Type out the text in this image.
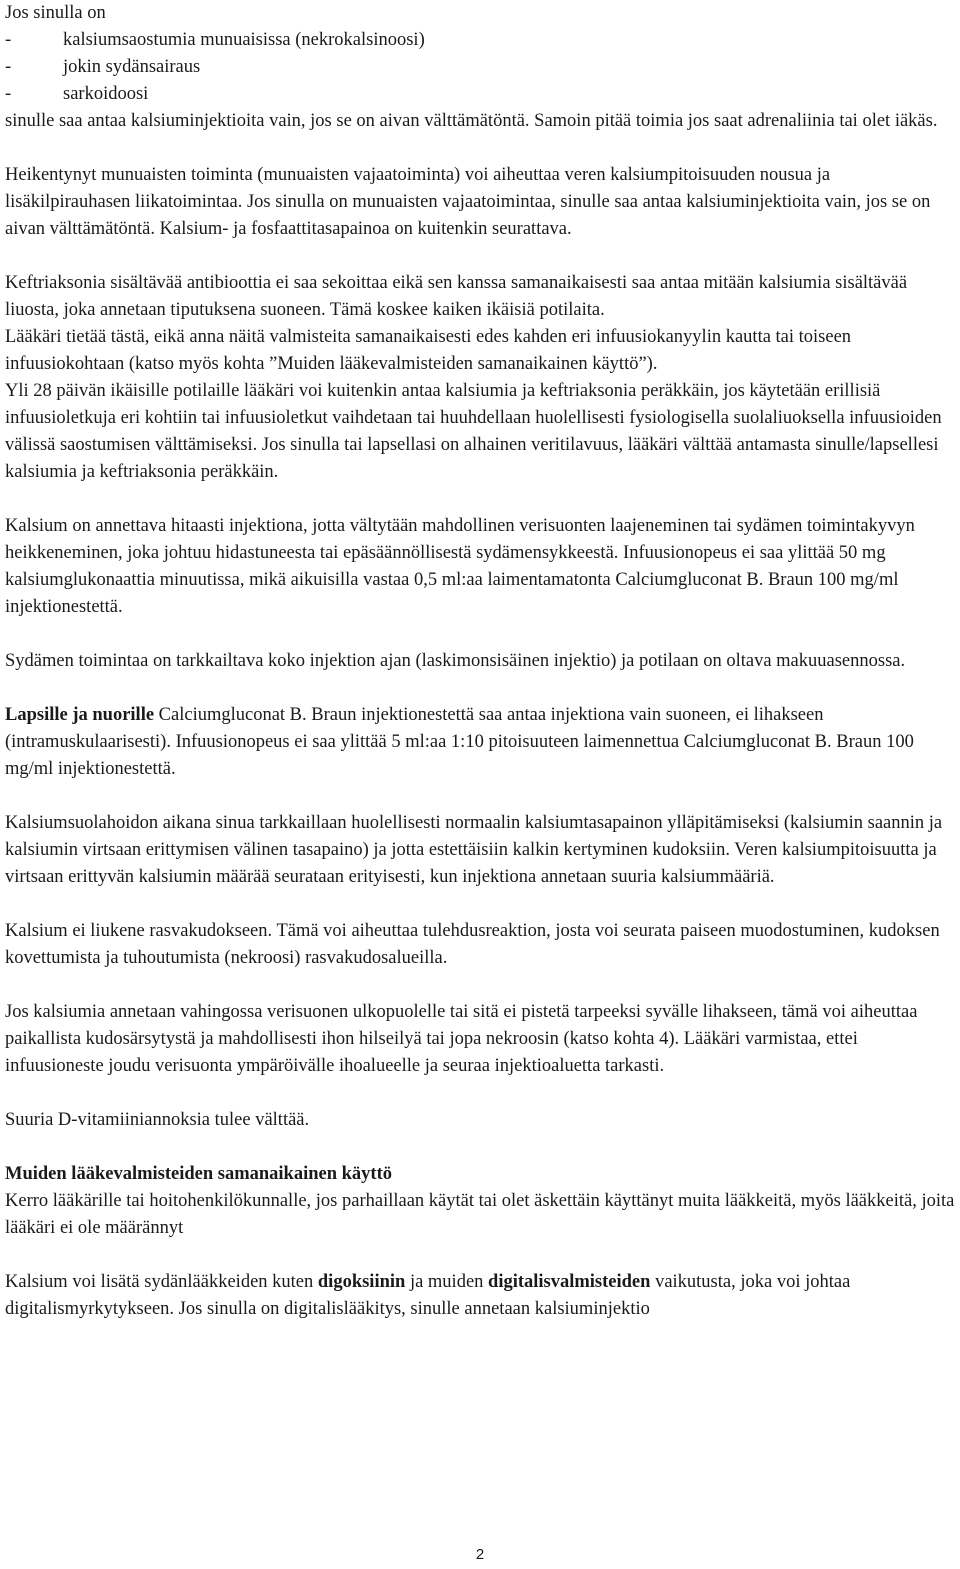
Jos sinulla on

-	kalsiumsaostumia munuaisissa (nekrokalsinoosi)
-	jokin sydänsairaus
-	sarkoidoosi

sinulle saa antaa kalsiuminjektioita vain, jos se on aivan välttämätöntä. Samoin pitää toimia jos saat adrenaliinia tai olet iäkäs.

Heikentynyt munuaisten toiminta (munuaisten vajaatoiminta) voi aiheuttaa veren kalsiumpitoisuuden nousua ja lisäkilpirauhasen liikatoimintaa. Jos sinulla on munuaisten vajaatoimintaa, sinulle saa antaa kalsiuminjektioita vain, jos se on aivan välttämätöntä. Kalsium- ja fosfaattitasapainoa on kuitenkin seurattava.

Keftriaksonia sisältävää antibioottia ei saa sekoittaa eikä sen kanssa samanaikaisesti saa antaa mitään kalsiumia sisältävää liuosta, joka annetaan tiputuksena suoneen. Tämä koskee kaiken ikäisiä potilaita.

Lääkäri tietää tästä, eikä anna näitä valmisteita samanaikaisesti edes kahden eri infuusiokanyylin kautta tai toiseen infuusiokohtaan (katso myös kohta ”Muiden lääkevalmisteiden samanaikainen käyttö”).

Yli 28 päivän ikäisille potilaille lääkäri voi kuitenkin antaa kalsiumia ja keftriaksonia peräkkäin, jos käytetään erillisiä infuusioletkuja eri kohtiin tai infuusioletkut vaihdetaan tai huuhdellaan huolellisesti fysiologisella suolaliuoksella infuusioiden välissä saostumisen välttämiseksi. Jos sinulla tai lapsellasi on alhainen veritilavuus, lääkäri välttää antamasta sinulle/lapsellesi kalsiumia ja keftriaksonia peräkkäin.

Kalsium on annettava hitaasti injektiona, jotta vältytään mahdollinen verisuonten laajeneminen tai sydämen toimintakyvyn heikkeneminen, joka johtuu hidastuneesta tai epäsäännöllisestä sydämensykkeestä. Infuusionopeus ei saa ylittää 50 mg kalsiumglukonaattia minuutissa, mikä aikuisilla vastaa 0,5 ml:aa laimentamatonta Calciumgluconat B. Braun 100 mg/ml injektionestettä.

Sydämen toimintaa on tarkkailtava koko injektion ajan (laskimonsisäinen injektio) ja potilaan on oltava makuuasennossa.

Lapsille ja nuorille Calciumgluconat B. Braun injektionestettä saa antaa injektiona vain suoneen, ei lihakseen (intramuskulaarisesti). Infuusionopeus ei saa ylittää 5 ml:aa 1:10 pitoisuuteen laimennettua Calciumgluconat B. Braun 100 mg/ml injektionestettä.

Kalsiumsuolahoidon aikana sinua tarkkaillaan huolellisesti normaalin kalsiumtasapainon ylläpitämiseksi (kalsiumin saannin ja kalsiumin virtsaan erittymisen välinen tasapaino) ja jotta estettäisiin kalkin kertyminen kudoksiin. Veren kalsiumpitoisuutta ja virtsaan erittyvän kalsiumin määrää seurataan erityisesti, kun injektiona annetaan suuria kalsiummääriä.

Kalsium ei liukene rasvakudokseen. Tämä voi aiheuttaa tulehdusreaktion, josta voi seurata paiseen muodostuminen, kudoksen kovettumista ja tuhoutumista (nekroosi) rasvakudosalueilla.

Jos kalsiumia annetaan vahingossa verisuonen ulkopuolelle tai sitä ei pistetä tarpeeksi syvälle lihakseen, tämä voi aiheuttaa paikallista kudosärsytystä ja mahdollisesti ihon hilseilyä tai jopa nekroosin (katso kohta 4). Lääkäri varmistaa, ettei infuusioneste joudu verisuonta ympäröivälle ihoalueelle ja seuraa injektioaluetta tarkasti.

Suuria D-vitamiiniannoksia tulee välttää.

Muiden lääkevalmisteiden samanaikainen käyttö

Kerro lääkärille tai hoitohenkilökunnalle, jos parhaillaan käytät tai olet äskettäin käyttänyt muita lääkkeitä, myös lääkkeitä, joita lääkäri ei ole määrännyt

Kalsium voi lisätä sydänlääkkeiden kuten digoksiinin ja muiden digitalisvalmisteiden vaikutusta, joka voi johtaa digitalismyrkytykseen. Jos sinulla on digitalislääkitys, sinulle annetaan kalsiuminjektio

2
